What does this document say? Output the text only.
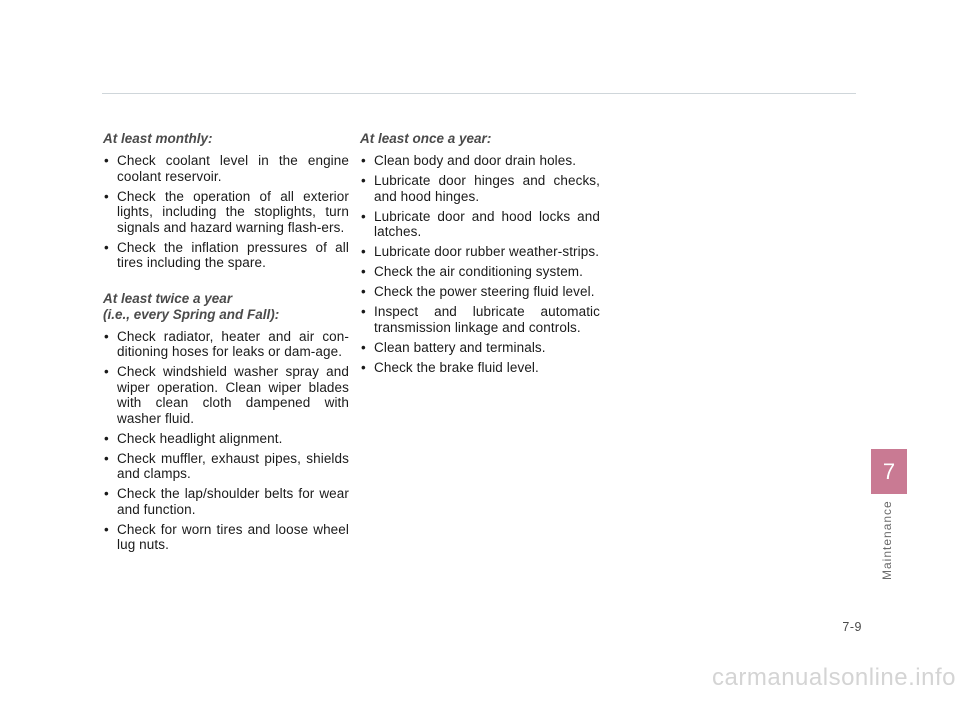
At least monthly:
• Check coolant level in the engine coolant reservoir.
• Check the operation of all exterior lights, including the stoplights, turn signals and hazard warning flash-ers.
• Check the inflation pressures of all tires including the spare.
At least twice a year
(i.e., every Spring and Fall):
• Check radiator, heater and air con-ditioning hoses for leaks or dam-age.
• Check windshield washer spray and wiper operation. Clean wiper blades with clean cloth dampened with washer fluid.
• Check headlight alignment.
• Check muffler, exhaust pipes, shields and clamps.
• Check the lap/shoulder belts for wear and function.
• Check for worn tires and loose wheel lug nuts.
At least once a year:
• Clean body and door drain holes.
• Lubricate door hinges and checks, and hood hinges.
• Lubricate door and hood locks and latches.
• Lubricate door rubber weather-strips.
• Check the air conditioning system.
• Check the power steering fluid level.
• Inspect and lubricate automatic transmission linkage and controls.
• Clean battery and terminals.
• Check the brake fluid level.
7
Maintenance
7-9
carmanualsonline.info
